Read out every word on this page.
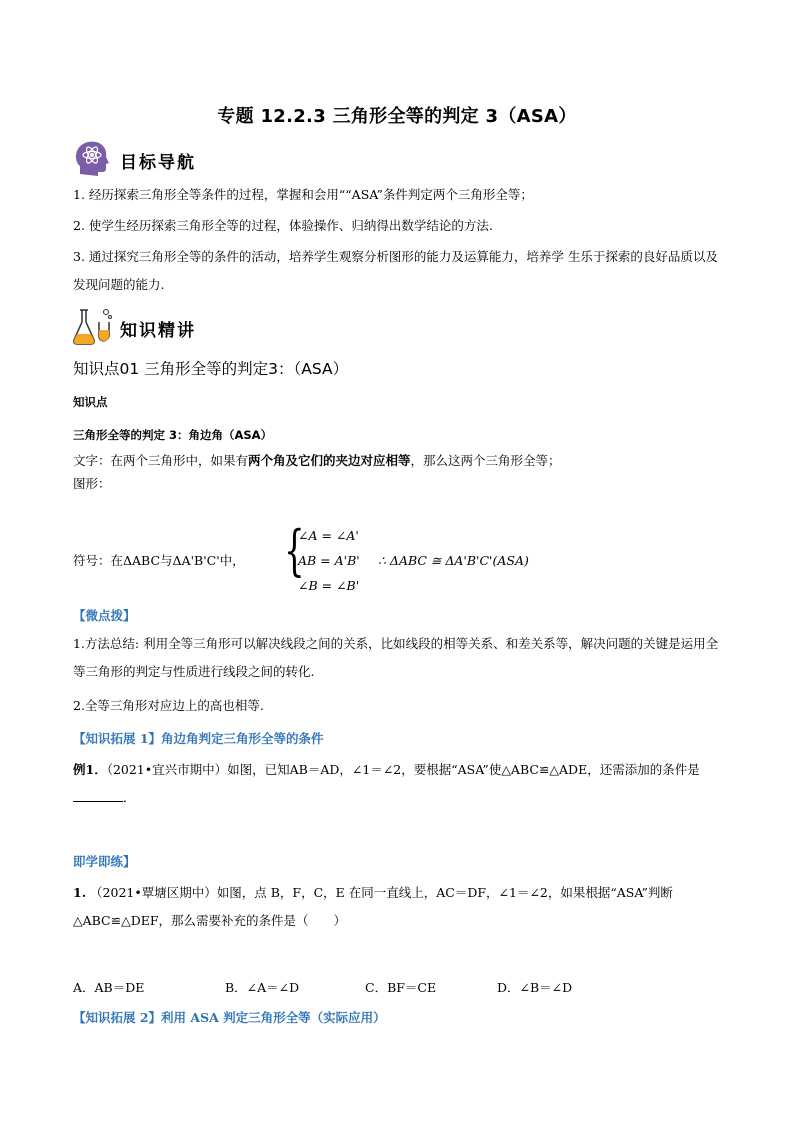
专题 12.2.3 三角形全等的判定 3（ASA）
目标导航
1. 经历探索三角形全等条件的过程，掌握和会用““ASA”条件判定两个三角形全等；
2. 使学生经历探索三角形全等的过程，体验操作、归纳得出数学结论的方法.
3. 通过探究三角形全等的条件的活动，培养学生观察分析图形的能力及运算能力，培养学 生乐于探索的良好品质以及发现问题的能力.
知识精讲
知识点01 三角形全等的判定3：（ASA）
知识点
三角形全等的判定 3：角边角（ASA）
文字：在两个三角形中，如果有两个角及它们的夹边对应相等，那么这两个三角形全等；
图形：
符号：在ΔABC与ΔA'B'C'中， {
∠A = ∠A'
AB = A'B'
∠B = ∠B'
∴ ΔABC ≅ ΔA'B'C'(ASA)
【微点拨】
1.方法总结: 利用全等三角形可以解决线段之间的关系，比如线段的相等关系、和差关系等，解决问题的关键是运用全等三角形的判定与性质进行线段之间的转化.
2.全等三角形对应边上的高也相等.
【知识拓展 1】角边角判定三角形全等的条件
例1．（2021•宜兴市期中）如图，已知AB＝AD，∠1＝∠2，要根据“ASA”使△ABC≌△ADE，还需添加的条件是．
即学即练】
1. （2021•覃塘区期中）如图，点 B，F，C，E 在同一直线上，AC＝DF，∠1＝∠2，如果根据“ASA”判断△ABC≌△DEF，那么需要补充的条件是（　　）
A．AB＝DE	B．∠A＝∠D	C．BF＝CE	D．∠B＝∠D
【知识拓展 2】利用 ASA 判定三角形全等（实际应用）
